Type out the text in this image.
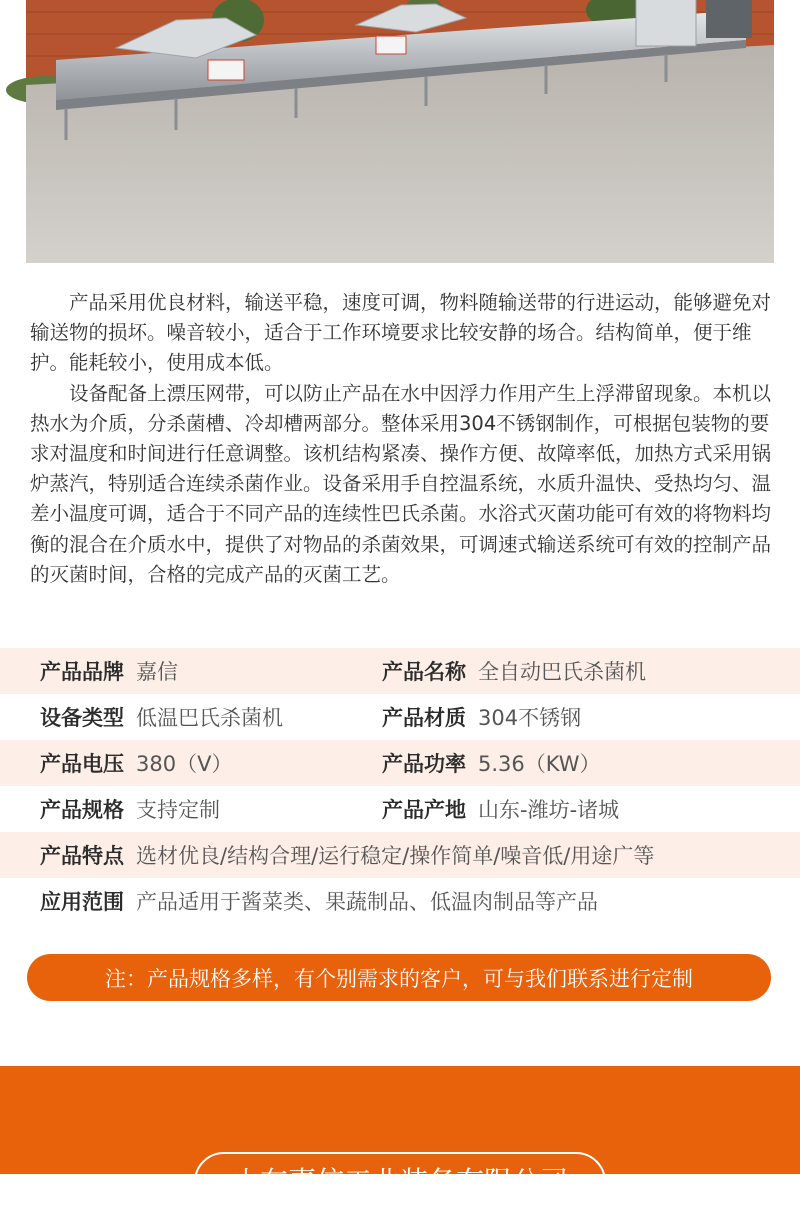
产品采用优良材料，输送平稳，速度可调，物料随输送带的行进运动，能够避免对输送物的损坏。噪音较小，适合于工作环境要求比较安静的场合。结构简单，便于维护。能耗较小，使用成本低。

设备配备上漂压网带，可以防止产品在水中因浮力作用产生上浮滞留现象。本机以热水为介质，分杀菌槽、冷却槽两部分。整体采用304不锈钢制作，可根据包装物的要求对温度和时间进行任意调整。该机结构紧凑、操作方便、故障率低，加热方式采用锅炉蒸汽，特别适合连续杀菌作业。设备采用手自控温系统，水质升温快、受热均匀、温差小温度可调，适合于不同产品的连续性巴氏杀菌。水浴式灭菌功能可有效的将物料均衡的混合在介质水中，提供了对物品的杀菌效果，可调速式输送系统可有效的控制产品的灭菌时间，合格的完成产品的灭菌工艺。

产品品牌 嘉信	产品名称 全自动巴氏杀菌机
设备类型 低温巴氏杀菌机	产品材质 304不锈钢
产品电压 380（V）	产品功率 5.36（KW）
产品规格 支持定制	产品产地 山东-潍坊-诸城
产品特点 选材优良/结构合理/运行稳定/操作简单/噪音低/用途广等
应用范围 产品适用于酱菜类、果蔬制品、低温肉制品等产品
注：产品规格多样，有个别需求的客户，可与我们联系进行定制
山东嘉信工业装备有限公司
